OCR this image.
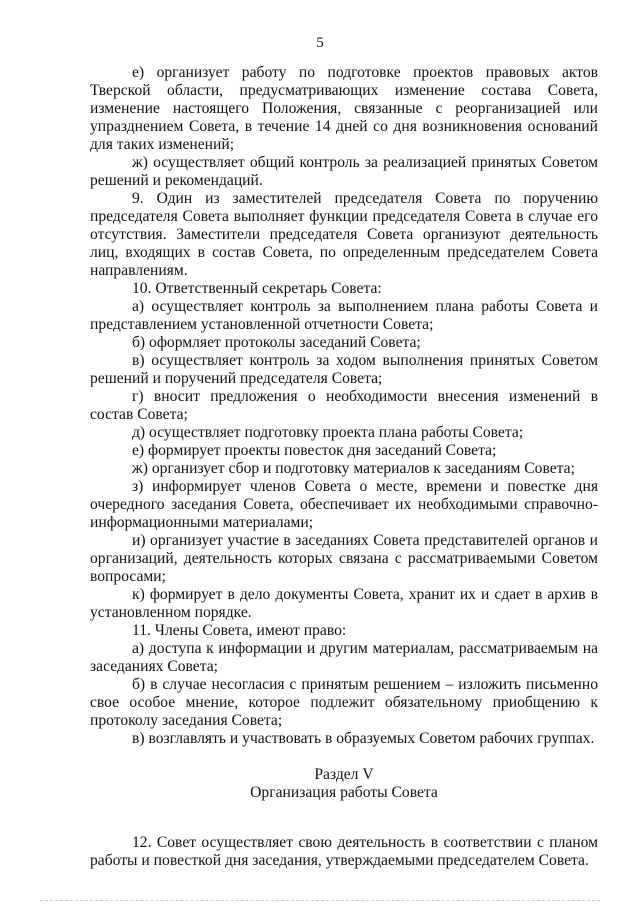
5

е) организует работу по подготовке проектов правовых актов Тверской области, предусматривающих изменение состава Совета, изменение настоящего Положения, связанные с реорганизацией или упразднением Совета, в течение 14 дней со дня возникновения оснований для таких изменений;

ж) осуществляет общий контроль за реализацией принятых Советом решений и рекомендаций.

9. Один из заместителей председателя Совета по поручению председателя Совета выполняет функции председателя Совета в случае его отсутствия. Заместители председателя Совета организуют деятельность лиц, входящих в состав Совета, по определенным председателем Совета направлениям.

10. Ответственный секретарь Совета:

а) осуществляет контроль за выполнением плана работы Совета и представлением установленной отчетности Совета;

б) оформляет протоколы заседаний Совета;

в) осуществляет контроль за ходом выполнения принятых Советом решений и поручений председателя Совета;

г) вносит предложения о необходимости внесения изменений в состав Совета;

д) осуществляет подготовку проекта плана работы Совета;

е) формирует проекты повесток дня заседаний Совета;

ж) организует сбор и подготовку материалов к заседаниям Совета;

з) информирует членов Совета о месте, времени и повестке дня очередного заседания Совета, обеспечивает их необходимыми справочно-информационными материалами;

и) организует участие в заседаниях Совета представителей органов и организаций, деятельность которых связана с рассматриваемыми Советом вопросами;

к) формирует в дело документы Совета, хранит их и сдает в архив в установленном порядке.

11. Члены Совета, имеют право:

а) доступа к информации и другим материалам, рассматриваемым на заседаниях Совета;

б) в случае несогласия с принятым решением – изложить письменно свое особое мнение, которое подлежит обязательному приобщению к протоколу заседания Совета;

в) возглавлять и участвовать в образуемых Советом рабочих группах.

Раздел V

Организация работы Совета

12. Совет осуществляет свою деятельность в соответствии с планом работы и повесткой дня заседания, утверждаемыми председателем Совета.
